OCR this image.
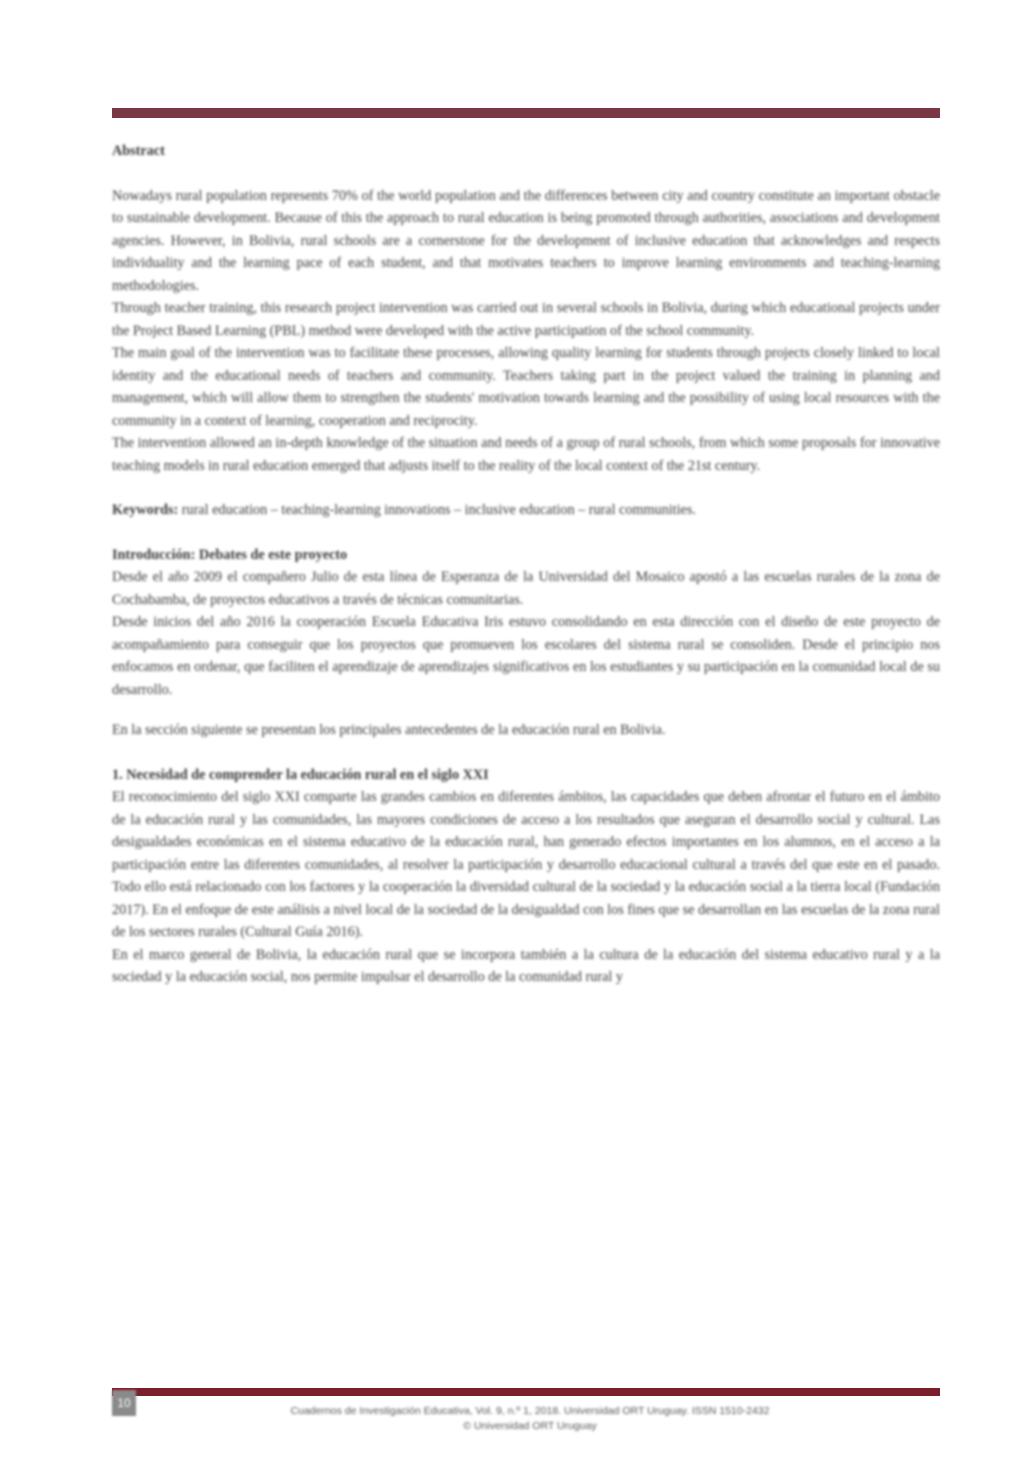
Abstract

Nowadays rural population represents 70% of the world population and the differences between city and country constitute an important obstacle to sustainable development. Because of this the approach to rural education is being promoted through authorities, associations and development agencies. However, in Bolivia, rural schools are a cornerstone for the development of inclusive education that acknowledges and respects individuality and the learning pace of each student, and that motivates teachers to improve learning environments and teaching-learning methodologies.

Through teacher training, this research project intervention was carried out in several schools in Bolivia, during which educational projects under the Project Based Learning (PBL) method were developed with the active participation of the school community.

The main goal of the intervention was to facilitate these processes, allowing quality learning for students through projects closely linked to local identity and the educational needs of teachers and community. Teachers taking part in the project valued the training in planning and management, which will allow them to strengthen the students' motivation towards learning and the possibility of using local resources with the community in a context of learning, cooperation and reciprocity.

The intervention allowed an in-depth knowledge of the situation and needs of a group of rural schools, from which some proposals for innovative teaching models in rural education emerged that adjusts itself to the reality of the local context of the 21st century.

Keywords: rural education – teaching-learning innovations – inclusive education – rural communities.

Introducción: Debates de este proyecto

Desde el año 2009 el compañero Julio de esta línea de Esperanza de la Universidad del Mosaico apostó a las escuelas rurales de la zona de Cochabamba, de proyectos educativos a través de técnicas comunitarias.

Desde inicios del año 2016 la cooperación Escuela Educativa Iris estuvo consolidando en esta dirección con el diseño de este proyecto de acompañamiento para conseguir que los proyectos que promueven los escolares del sistema rural se consoliden. Desde el principio nos enfocamos en ordenar, que faciliten el aprendizaje de aprendizajes significativos en los estudiantes y su participación en la comunidad local de su desarrollo.

En la sección siguiente se presentan los principales antecedentes de la educación rural en Bolivia.

1. Necesidad de comprender la educación rural en el siglo XXI

El reconocimiento del siglo XXI comparte las grandes cambios en diferentes ámbitos, las capacidades que deben afrontar el futuro en el ámbito de la educación rural y las comunidades, las mayores condiciones de acceso a los resultados que aseguran el desarrollo social y cultural. Las desigualdades económicas en el sistema educativo de la educación rural, han generado efectos importantes en los alumnos, en el acceso a la participación entre las diferentes comunidades, al resolver la participación y desarrollo educacional cultural a través del que este en el pasado. Todo ello está relacionado con los factores y la cooperación la diversidad cultural de la sociedad y la educación social a la tierra local (Fundación 2017). En el enfoque de este análisis a nivel local de la sociedad de la desigualdad con los fines que se desarrollan en las escuelas de la zona rural de los sectores rurales (Cultural Guía 2016).

En el marco general de Bolivia, la educación rural que se incorpora también a la cultura de la educación del sistema educativo rural y a la sociedad y la educación social, nos permite impulsar el desarrollo de la comunidad rural y

10
Cuadernos de Investigación Educativa, Vol. 9, n.º 1, 2018. Universidad ORT Uruguay. ISSN 1510-2432
© Universidad ORT Uruguay
